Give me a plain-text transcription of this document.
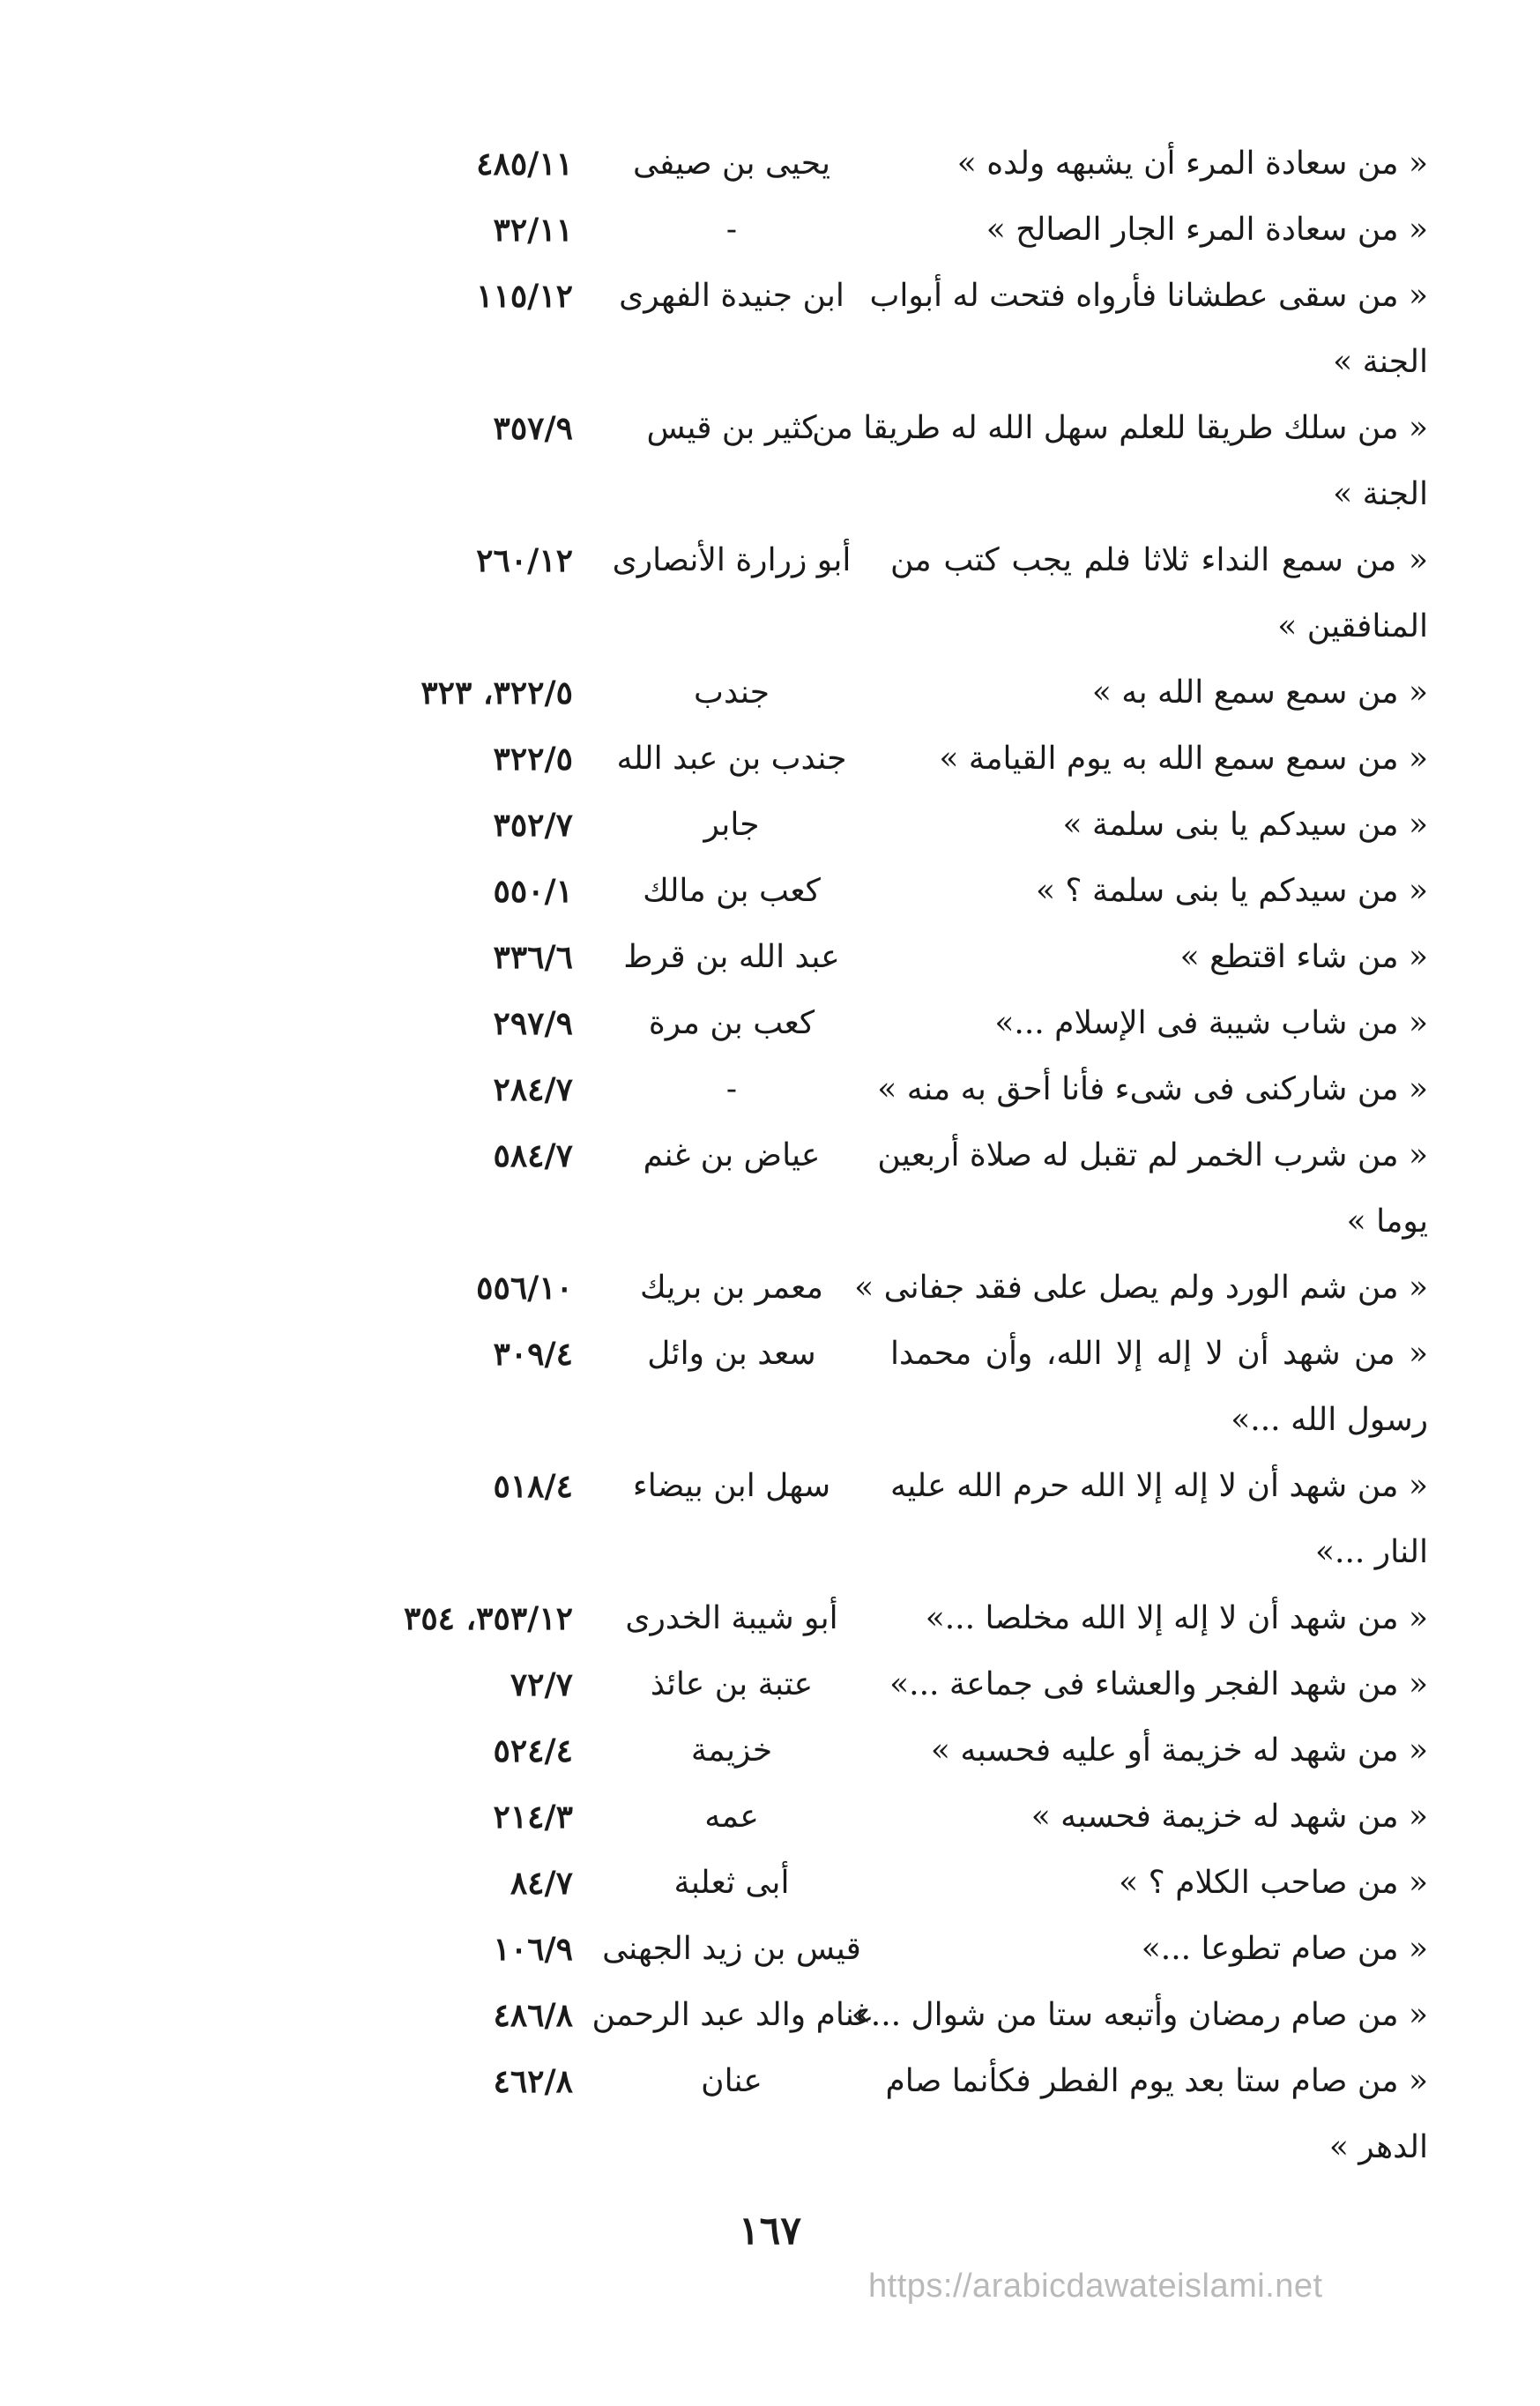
« من سعادة المرء أن يشبهه ولده »
يحيى بن صيفى
٤٨٥/١١
« من سعادة المرء الجار الصالح »
-
٣٢/١١
« من سقى عطشانا فأرواه فتحت له أبواب
ابن جنيدة الفهرى
١١٥/١٢
الجنة »
« من سلك طريقا للعلم سهل الله له طريقا من
كثير بن قيس
٣٥٧/٩
الجنة »
« من سمع النداء ثلاثا فلم يجب كتب من
أبو زرارة الأنصارى
٢٦٠/١٢
المنافقين »
« من سمع سمع الله به »
جندب
٣٢٢/٥، ٣٢٣
« من سمع سمع الله به يوم القيامة »
جندب بن عبد الله
٣٢٢/٥
« من سيدكم يا بنى سلمة »
جابر
٣٥٢/٧
« من سيدكم يا بنى سلمة ؟ »
كعب بن مالك
٥٥٠/١
« من شاء اقتطع »
عبد الله بن قرط
٣٣٦/٦
« من شاب شيبة فى الإسلام ...»
كعب بن مرة
٢٩٧/٩
« من شاركنى فى شىء فأنا أحق به منه »
-
٢٨٤/٧
« من شرب الخمر لم تقبل له صلاة أربعين
عياض بن غنم
٥٨٤/٧
يوما »
« من شم الورد ولم يصل على فقد جفانى »
معمر بن بريك
٥٥٦/١٠
« من شهد أن لا إله إلا الله، وأن محمدا
سعد بن وائل
٣٠٩/٤
رسول الله ...»
« من شهد أن لا إله إلا الله حرم الله عليه
سهل ابن بيضاء
٥١٨/٤
النار ...»
« من شهد أن لا إله إلا الله مخلصا ...»
أبو شيبة الخدرى
٣٥٣/١٢، ٣٥٤
« من شهد الفجر والعشاء فى جماعة ...»
عتبة بن عائذ
٧٢/٧
« من شهد له خزيمة أو عليه فحسبه »
خزيمة
٥٢٤/٤
« من شهد له خزيمة فحسبه »
عمه
٢١٤/٣
« من صاحب الكلام ؟ »
أبى ثعلبة
٨٤/٧
« من صام تطوعا ...»
قيس بن زيد الجهنى
١٠٦/٩
« من صام رمضان وأتبعه ستا من شوال ...»
غنام والد عبد الرحمن
٤٨٦/٨
« من صام ستا بعد يوم الفطر فكأنما صام
عنان
٤٦٢/٨
الدهر »
١٦٧
https://arabicdawateislami.net
